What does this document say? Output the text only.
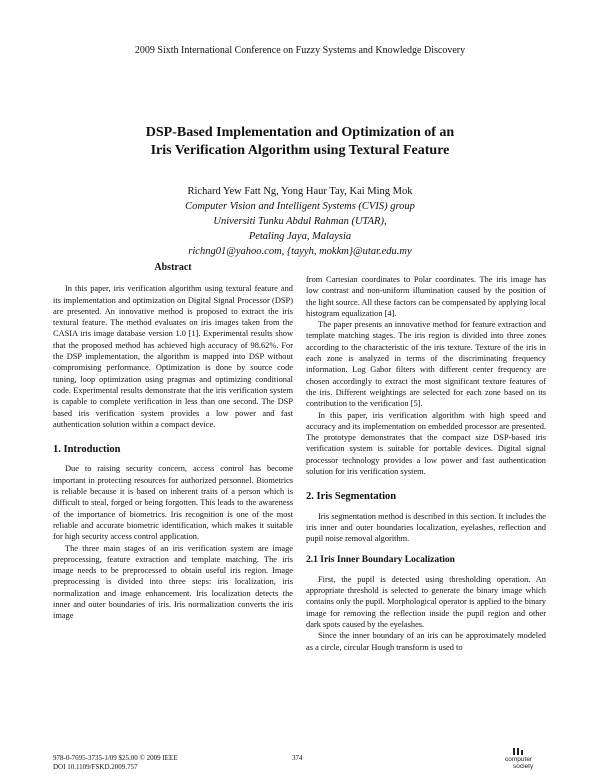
2009 Sixth International Conference on Fuzzy Systems and Knowledge Discovery
DSP-Based Implementation and Optimization of an
Iris Verification Algorithm using Textural Feature
Richard Yew Fatt Ng, Yong Haur Tay, Kai Ming Mok
Computer Vision and Intelligent Systems (CVIS) group
Universiti Tunku Abdul Rahman (UTAR),
Petaling Jaya, Malaysia
richng01@yahoo.com, {tayyh, mokkm}@utar.edu.my
Abstract

In this paper, iris verification algorithm using textural feature and its implementation and optimization on Digital Signal Processor (DSP) are presented. An innovative method is proposed to extract the iris textural feature. The method evaluates on iris images taken from the CASIA iris image database version 1.0 [1]. Experimental results show that the proposed method has achieved high accuracy of 98.62%. For the DSP implementation, the algorithm is mapped into DSP without compromising performance. Optimization is done by source code tuning, loop optimization using pragmas and optimizing conditional code. Experimental results demonstrate that the iris verification system is capable to complete verification in less than one second. The DSP based iris verification system provides a low power and fast authentication solution within a compact device.

1. Introduction

Due to raising security concern, access control has become important in protecting resources for authorized personnel. Biometrics is reliable because it is based on inherent traits of a person which is difficult to steal, forged or being forgotten. This leads to the awareness of the importance of biometrics. Iris recognition is one of the most reliable and accurate biometric identification, which makes it suitable for high security access control application.

The three main stages of an iris verification system are image preprocessing, feature extraction and template matching. The iris image needs to be preprocessed to obtain useful iris region. Image preprocessing is divided into three steps: iris localization, iris normalization and image enhancement. Iris localization detects the inner and outer boundaries of iris. Iris normalization converts the iris image

from Cartesian coordinates to Polar coordinates. The iris image has low contrast and non-uniform illumination caused by the position of the light source. All these factors can be compensated by applying local histogram equalization [4].

The paper presents an innovative method for feature extraction and template matching stages. The iris region is divided into three zones according to the characteristic of the iris texture. Texture of the iris in each zone is analyzed in terms of the discriminating frequency information. Log Gabor filters with different center frequency are chosen accordingly to extract the most significant texture features of the iris. Different weightings are selected for each zone based on its contribution to the verification [5].

In this paper, iris verification algorithm with high speed and accuracy and its implementation on embedded processor are presented. The prototype demonstrates that the compact size DSP-based iris verification system is suitable for portable devices. Digital signal processor technology provides a low power and fast authentication solution for iris verification system.

2. Iris Segmentation

Iris segmentation method is described in this section. It includes the iris inner and outer boundaries localization, eyelashes, reflection and pupil noise removal algorithm.

2.1 Iris Inner Boundary Localization

First, the pupil is detected using thresholding operation. An appropriate threshold is selected to generate the binary image which contains only the pupil. Morphological operator is applied to the binary image for removing the reflection inside the pupil region and other dark spots caused by the eyelashes.

Since the inner boundary of an iris can be approximately modeled as a circle, circular Hough transform is used to

978-0-7695-3735-1/09 $25.00 © 2009 IEEE
DOI 10.1109/FSKD.2009.757
374	computer
society
